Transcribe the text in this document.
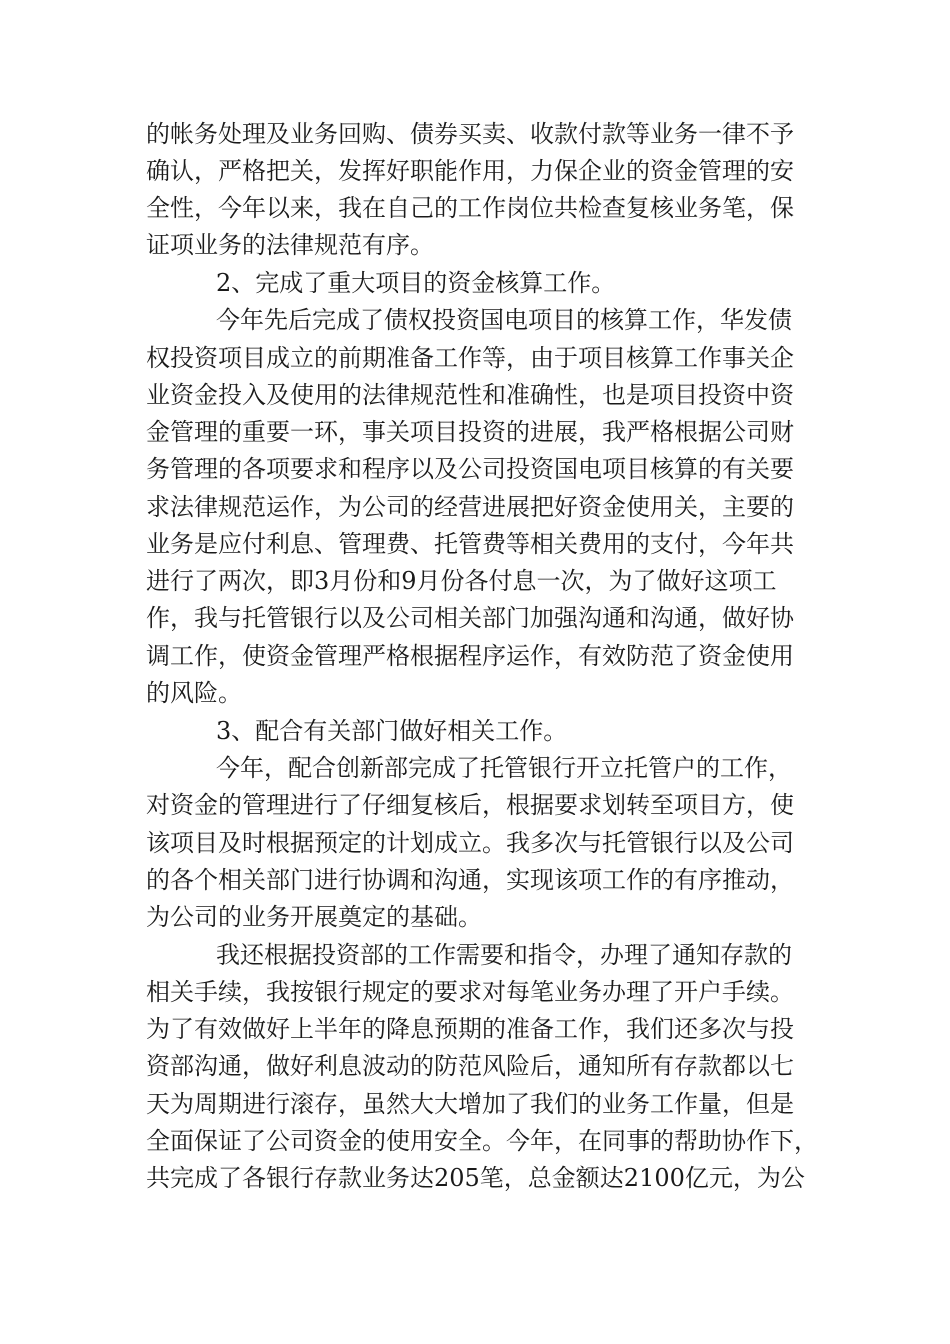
的帐务处理及业务回购、债券买卖、收款付款等业务一律不予
确认，严格把关，发挥好职能作用，力保企业的资金管理的安
全性，今年以来，我在自己的工作岗位共检查复核业务笔，保
证项业务的法律规范有序。
2、完成了重大项目的资金核算工作。
今年先后完成了债权投资国电项目的核算工作，华发债
权投资项目成立的前期准备工作等，由于项目核算工作事关企
业资金投入及使用的法律规范性和准确性，也是项目投资中资
金管理的重要一环，事关项目投资的进展，我严格根据公司财
务管理的各项要求和程序以及公司投资国电项目核算的有关要
求法律规范运作，为公司的经营进展把好资金使用关，主要的
业务是应付利息、管理费、托管费等相关费用的支付，今年共
进行了两次，即3月份和9月份各付息一次，为了做好这项工
作，我与托管银行以及公司相关部门加强沟通和沟通，做好协
调工作，使资金管理严格根据程序运作，有效防范了资金使用
的风险。
3、配合有关部门做好相关工作。
今年，配合创新部完成了托管银行开立托管户的工作，
对资金的管理进行了仔细复核后，根据要求划转至项目方，使
该项目及时根据预定的计划成立。我多次与托管银行以及公司
的各个相关部门进行协调和沟通，实现该项工作的有序推动，
为公司的业务开展奠定的基础。
我还根据投资部的工作需要和指令，办理了通知存款的
相关手续，我按银行规定的要求对每笔业务办理了开户手续。
为了有效做好上半年的降息预期的准备工作，我们还多次与投
资部沟通，做好利息波动的防范风险后，通知所有存款都以七
天为周期进行滚存，虽然大大增加了我们的业务工作量，但是
全面保证了公司资金的使用安全。今年，在同事的帮助协作下，
共完成了各银行存款业务达205笔，总金额达2100亿元，为公
